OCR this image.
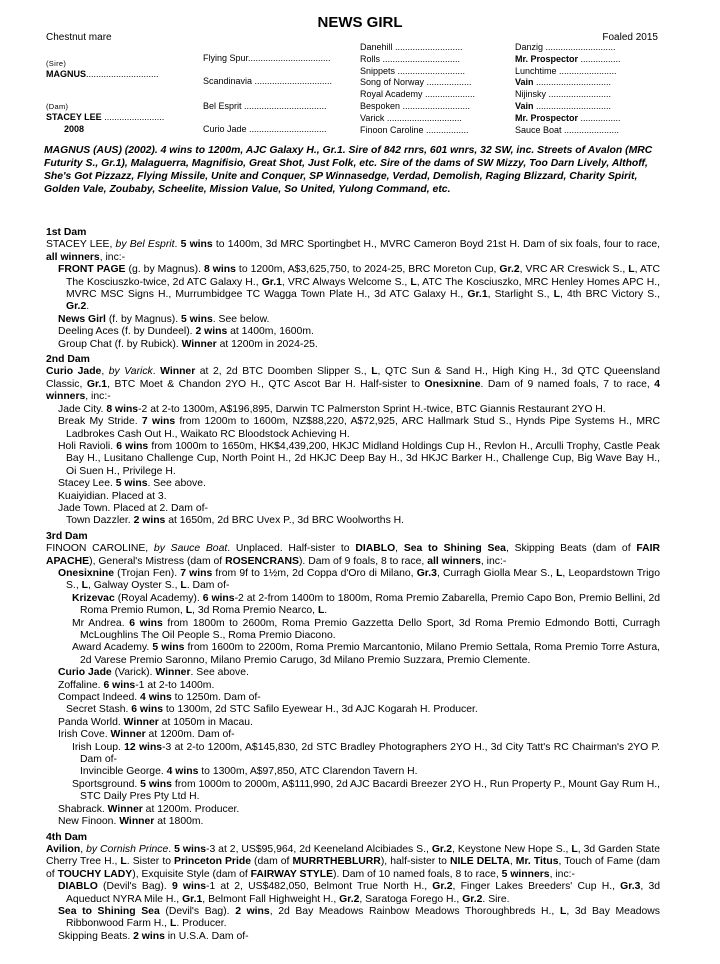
NEWS GIRL
Chestnut mare	Foaled 2015
(Sire)
MAGNUS.............................
(Dam)
STACEY LEE ........................
2008
Flying Spur.................................
Scandinavia ...............................
Bel Esprit .................................
Curio Jade ...............................
Danehill ...........................
Rolls ...............................
Snippets ...........................
Song of Norway ..................
Royal Academy ....................
Bespoken ...........................
Varick ..............................
Finoon Caroline .................
Danzig ............................
Mr. Prospector ................
Lunchtime .......................
Vain ..............................
Nijinsky .........................
Vain ..............................
Mr. Prospector ................
Sauce Boat ......................
MAGNUS (AUS) (2002). 4 wins to 1200m, AJC Galaxy H., Gr.1. Sire of 842 rnrs, 601 wnrs, 32 SW, inc. Streets of Avalon (MRC Futurity S., Gr.1), Malaguerra, Magnifisio, Great Shot, Just Folk, etc. Sire of the dams of SW Mizzy, Too Darn Lively, Althoff, She's Got Pizzazz, Flying Missile, Unite and Conquer, SP Winnasedge, Verdad, Demolish, Raging Blizzard, Charity Spirit, Golden Vale, Zoubaby, Scheelite, Mission Value, So United, Yulong Command, etc.

1st Dam

STACEY LEE, by Bel Esprit. 5 wins to 1400m, 3d MRC Sportingbet H., MVRC Cameron Boyd 21st H. Dam of six foals, four to race, all winners, inc:-

FRONT PAGE (g. by Magnus). 8 wins to 1200m, A$3,625,750, to 2024-25, BRC Moreton Cup, Gr.2, VRC AR Creswick S., L, ATC The Kosciuszko-twice, 2d ATC Galaxy H., Gr.1, VRC Always Welcome S., L, ATC The Kosciuszko, MRC Henley Homes APC H., MVRC MSC Signs H., Murrumbidgee TC Wagga Town Plate H., 3d ATC Galaxy H., Gr.1, Starlight S., L, 4th BRC Victory S., Gr.2.

News Girl (f. by Magnus). 5 wins. See below.

Deeling Aces (f. by Dundeel). 2 wins at 1400m, 1600m.

Group Chat (f. by Rubick). Winner at 1200m in 2024-25.

2nd Dam

Curio Jade, by Varick. Winner at 2, 2d BTC Doomben Slipper S., L, QTC Sun & Sand H., High King H., 3d QTC Queensland Classic, Gr.1, BTC Moet & Chandon 2YO H., QTC Ascot Bar H. Half-sister to Onesixnine. Dam of 9 named foals, 7 to race, 4 winners, inc:-

Jade City. 8 wins-2 at 2-to 1300m, A$196,895, Darwin TC Palmerston Sprint H.-twice, BTC Giannis Restaurant 2YO H.

Break My Stride. 7 wins from 1200m to 1600m, NZ$88,220, A$72,925, ARC Hallmark Stud S., Hynds Pipe Systems H., MRC Ladbrokes Cash Out H., Waikato RC Bloodstock Achieving H.

Holi Ravioli. 6 wins from 1000m to 1650m, HK$4,439,200, HKJC Midland Holdings Cup H., Revlon H., Arculli Trophy, Castle Peak Bay H., Lusitano Challenge Cup, North Point H., 2d HKJC Deep Bay H., 3d HKJC Barker H., Challenge Cup, Big Wave Bay H., Oi Suen H., Privilege H.

Stacey Lee. 5 wins. See above.

Kuaiyidian. Placed at 3.

Jade Town. Placed at 2. Dam of-

Town Dazzler. 2 wins at 1650m, 2d BRC Uvex P., 3d BRC Woolworths H.

3rd Dam

FINOON CAROLINE, by Sauce Boat. Unplaced. Half-sister to DIABLO, Sea to Shining Sea, Skipping Beats (dam of FAIR APACHE), General's Mistress (dam of ROSENCRANS). Dam of 9 foals, 8 to race, all winners, inc:-

Onesixnine (Trojan Fen). 7 wins from 9f to 1½m, 2d Coppa d'Oro di Milano, Gr.3, Curragh Giolla Mear S., L, Leopardstown Trigo S., L, Galway Oyster S., L. Dam of-

Krizevac (Royal Academy). 6 wins-2 at 2-from 1400m to 1800m, Roma Premio Zabarella, Premio Capo Bon, Premio Bellini, 2d Roma Premio Rumon, L, 3d Roma Premio Nearco, L.

Mr Andrea. 6 wins from 1800m to 2600m, Roma Premio Gazzetta Dello Sport, 3d Roma Premio Edmondo Botti, Curragh McLoughlins The Oil People S., Roma Premio Diacono.

Award Academy. 5 wins from 1600m to 2200m, Roma Premio Marcantonio, Milano Premio Settala, Roma Premio Torre Astura, 2d Varese Premio Saronno, Milano Premio Carugo, 3d Milano Premio Suzzara, Premio Clemente.

Curio Jade (Varick). Winner. See above.

Zoffaline. 6 wins-1 at 2-to 1400m.

Compact Indeed. 4 wins to 1250m. Dam of-

Secret Stash. 6 wins to 1300m, 2d STC Safilo Eyewear H., 3d AJC Kogarah H. Producer.

Panda World. Winner at 1050m in Macau.

Irish Cove. Winner at 1200m. Dam of-

Irish Loup. 12 wins-3 at 2-to 1200m, A$145,830, 2d STC Bradley Photographers 2YO H., 3d City Tatt's RC Chairman's 2YO P. Dam of-

Invincible George. 4 wins to 1300m, A$97,850, ATC Clarendon Tavern H.

Sportsground. 5 wins from 1000m to 2000m, A$111,990, 2d AJC Bacardi Breezer 2YO H., Run Property P., Mount Gay Rum H., STC Daily Pres Pty Ltd H.

Shabrack. Winner at 1200m. Producer.

New Finoon. Winner at 1800m.

4th Dam

Avilion, by Cornish Prince. 5 wins-3 at 2, US$95,964, 2d Keeneland Alcibiades S., Gr.2, Keystone New Hope S., L, 3d Garden State Cherry Tree H., L. Sister to Princeton Pride (dam of MURRTHEBLURR), half-sister to NILE DELTA, Mr. Titus, Touch of Fame (dam of TOUCHY LADY), Exquisite Style (dam of FAIRWAY STYLE). Dam of 10 named foals, 8 to race, 5 winners, inc:-

DIABLO (Devil's Bag). 9 wins-1 at 2, US$482,050, Belmont True North H., Gr.2, Finger Lakes Breeders' Cup H., Gr.3, 3d Aqueduct NYRA Mile H., Gr.1, Belmont Fall Highweight H., Gr.2, Saratoga Forego H., Gr.2. Sire.

Sea to Shining Sea (Devil's Bag). 2 wins, 2d Bay Meadows Rainbow Meadows Thoroughbreds H., L, 3d Bay Meadows Ribbonwood Farm H., L. Producer.

Skipping Beats. 2 wins in U.S.A. Dam of-
